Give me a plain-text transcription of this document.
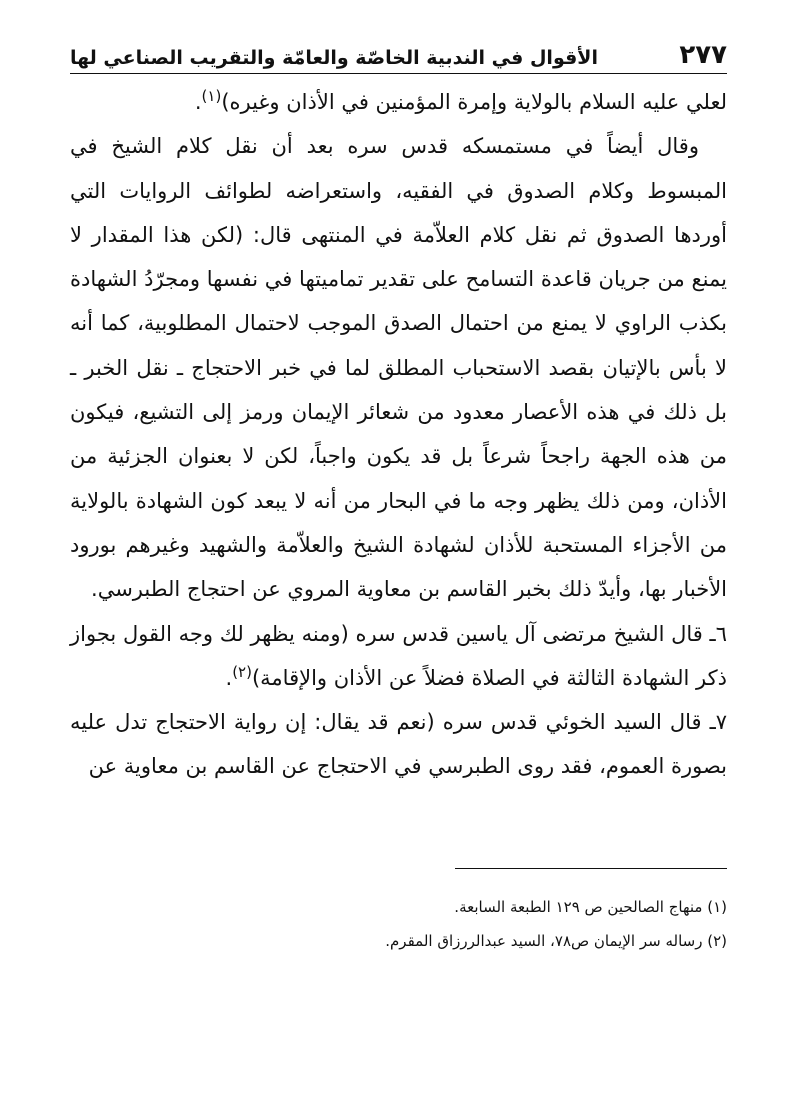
الأقوال في الندبية الخاصّة والعامّة والتقريب الصناعي لها	٢٧٧

لعلي عليه السلام بالولاية وإمرة المؤمنين في الأذان وغيره)$^{(١)}$.

وقال أيضاً في مستمسكه قدس سره بعد أن نقل كلام الشيخ في المبسوط وكلام الصدوق في الفقيه، واستعراضه لطوائف الروايات التي أوردها الصدوق ثم نقل كلام العلاّمة في المنتهى قال: (لكن هذا المقدار لا يمنع من جريان قاعدة التسامح على تقدير تماميتها في نفسها ومجرّدُ الشهادة بكذب الراوي لا يمنع من احتمال الصدق الموجب لاحتمال المطلوبية، كما أنه لا بأس بالإتيان بقصد الاستحباب المطلق لما في خبر الاحتجاج ـ نقل الخبر ـ بل ذلك في هذه الأعصار معدود من شعائر الإيمان ورمز إلى التشيع، فيكون من هذه الجهة راجحاً شرعاً بل قد يكون واجباً، لكن لا بعنوان الجزئية من الأذان، ومن ذلك يظهر وجه ما في البحار من أنه لا يبعد كون الشهادة بالولاية من الأجزاء المستحبة للأذان لشهادة الشيخ والعلاّمة والشهيد وغيرهم بورود الأخبار بها، وأيدّ ذلك بخبر القاسم بن معاوية المروي عن احتجاج الطبرسي.

٦ـ قال الشيخ مرتضى آل ياسين قدس سره (ومنه يظهر لك وجه القول بجواز ذكر الشهادة الثالثة في الصلاة فضلاً عن الأذان والإقامة)$^{(٢)}$.

٧ـ قال السيد الخوئي قدس سره (نعم قد يقال: إن رواية الاحتجاج تدل عليه بصورة العموم، فقد روى الطبرسي في الاحتجاج عن القاسم بن معاوية عن

(١) منهاج الصالحين ص ١٢٩ الطبعة السابعة.

(٢) رساله سر الإيمان ص٧٨، السيد عبدالررزاق المقرم.
